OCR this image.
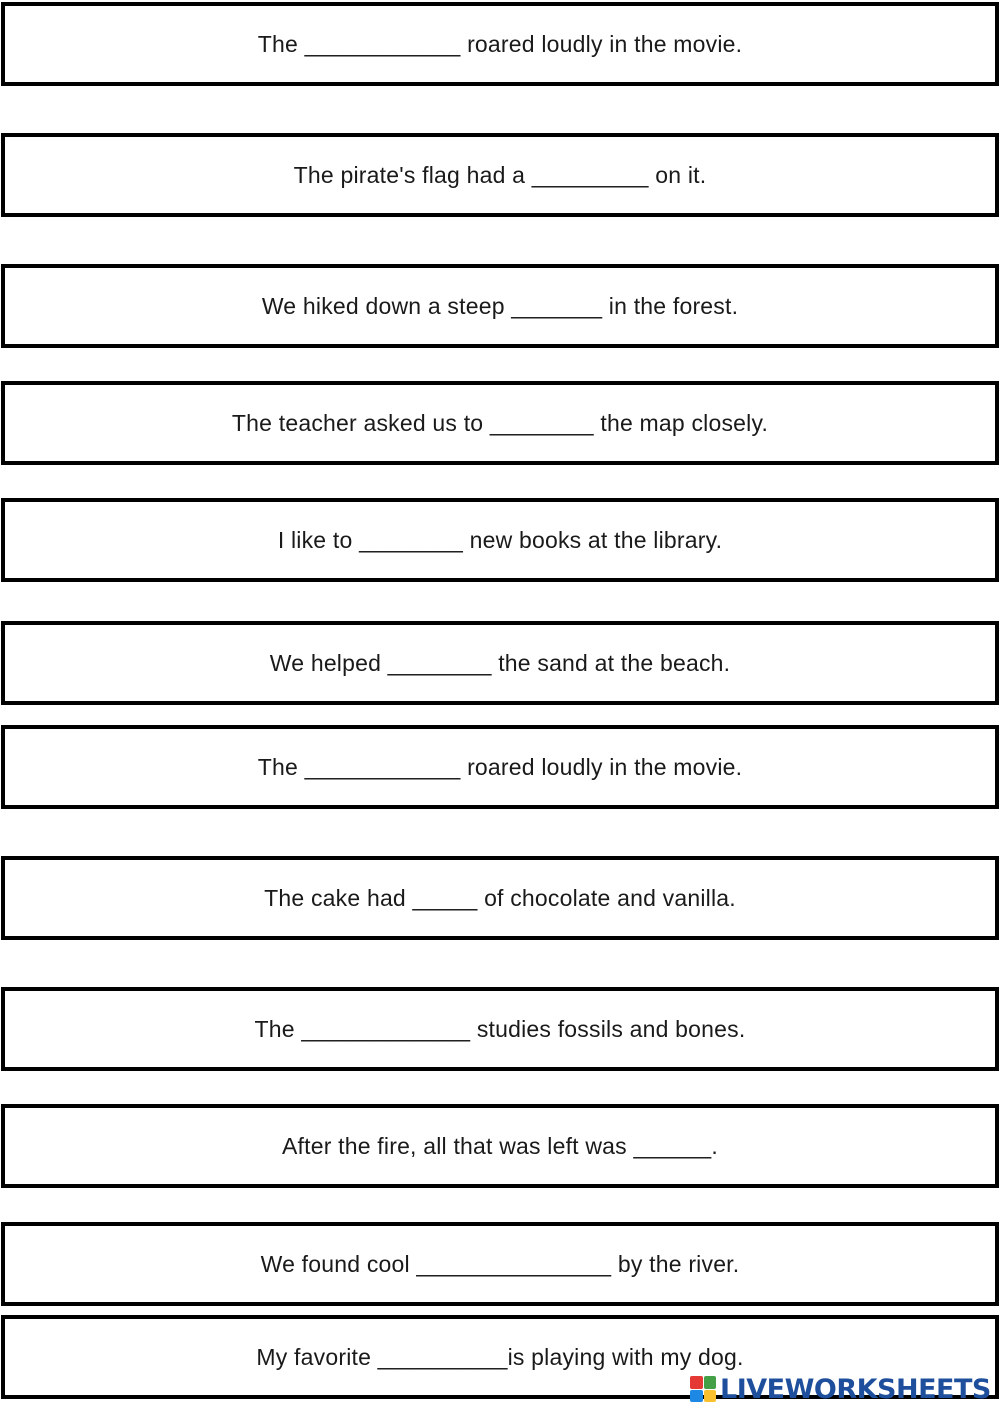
The ____________ roared loudly in the movie.
The pirate's flag had a _________ on it.
We hiked down a steep _______ in the forest.
The teacher asked us to ________ the map closely.
I like to ________ new books at the library.
We helped ________ the sand at the beach.
The ____________ roared loudly in the movie.
The cake had _____ of chocolate and vanilla.
The _____________ studies fossils and bones.
After the fire, all that was left was ______.
We found cool _______________ by the river.
My favorite __________is playing with my dog.
LIVEWORKSHEETS
